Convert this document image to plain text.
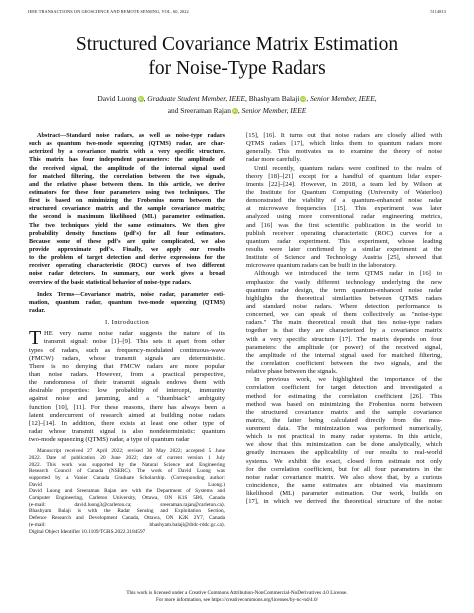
IEEE TRANSACTIONS ON GEOSCIENCE AND REMOTE SENSING, VOL. 60, 2022	5114813
Structured Covariance Matrix Estimation
for Noise-Type Radars
David Luong iD, Graduate Student Member, IEEE, Bhashyam Balaji iD, Senior Member, IEEE,
and Sreeraman Rajan iD, Senior Member, IEEE
Abstract—Standard noise radars, as well as noise-type radars
such as quantum two-mode squeezing (QTMS) radar, are char-
acterized by a covariance matrix with a very specific structure.
This matrix has four independent parameters: the amplitude of
the received signal, the amplitude of the internal signal used
for matched filtering, the correlation between the two signals,
and the relative phase between them. In this article, we derive
estimators for these four parameters using two techniques. The
first is based on minimizing the Frobenius norm between the
structured covariance matrix and the sample covariance matrix;
the second is maximum likelihood (ML) parameter estimation.
The two techniques yield the same estimators. We then give
probability density functions (pdf's) for all four estimators.
Because some of these pdf's are quite complicated, we also
provide approximate pdf's. Finally, we apply our results
to the problem of target detection and derive expressions for the
receiver operating characteristic (ROC) curves of two different
noise radar detectors. In summary, our work gives a broad
overview of the basic statistical behavior of noise-type radars.
Index Terms—Covariance matrix, noise radar, parameter esti-
mation, quantum radar, quantum two-mode squeezing (QTMS)
radar.
I. Introduction
T HE very name noise radar suggests the nature of its
transmit signal: noise [1]–[9]. This sets it apart from other
types of radars, such as frequency-modulated continuous-wave
(FMCW) radars, whose transmit signals are deterministic.
There is no denying that FMCW radars are more popular
than noise radars. However, from a practical perspective,
the randomness of their transmit signals endows them with
desirable properties: low probability of intercept, immunity
against noise and jamming, and a "thumbtack" ambiguity
function [10], [11]. For these reasons, there has always been a
latent undercurrent of research aimed at building noise radars
[12]–[14]. In addition, there exists at least one other type of
radar whose transmit signal is also nondeterministic: quantum
two-mode squeezing (QTMS) radar, a type of quantum radar
Manuscript received 27 April 2022; revised 30 May 2022; accepted 5 June
2022. Date of publication 20 June 2022; date of current version 1 July
2022. This work was supported by the Natural Science and Engineering
Research Council of Canada (NSERC). The work of David Luong was
supported by a Vanier Canada Graduate Scholarship. (Corresponding author:
David Luong.)
David Luong and Sreeraman Rajan are with the Department of Systems and
Computer Engineering, Carleton University, Ottawa, ON K1S 5B6, Canada
(e-mail: david.luong3@carleton.ca; sreeraman.rajan@carleton.ca).
Bhashyam Balaji is with the Radar Sensing and Exploitation Section,
Defence Research and Development Canada, Ottawa, ON K2K 2Y7, Canada
(e-mail: bhashyam.balaji@drdc-rddc.gc.ca).
Digital Object Identifier 10.1109/TGRS.2022.3184597
[15], [16]. It turns out that noise radars are closely allied with
QTMS radars [17], which links them to quantum radars more
generally. This motivates us to examine the theory of noise
radar more carefully.
Until recently, quantum radars were confined to the realm of
theory [18]–[21] except for a handful of quantum lidar exper-
iments [22]–[24]. However, in 2018, a team led by Wilson at
the Institute for Quantum Computing (University of Waterloo)
demonstrated the viability of a quantum-enhanced noise radar
at microwave frequencies [15]. This experiment was later
analyzed using more conventional radar engineering metrics,
and [16] was the first scientific publication in the world to
publish receiver operating characteristic (ROC) curves for a
quantum radar experiment. This experiment, whose leading
results were later confirmed by a similar experiment at the
Institute of Science and Technology Austria [25], showed that
microwave quantum radars can be built in the laboratory.
Although we introduced the term QTMS radar in [16] to
emphasize the vastly different technology underlying the new
quantum radar design, the term quantum-enhanced noise radar
highlights the theoretical similarities between QTMS radars
and standard noise radars. Where detection performance is
concerned, we can speak of them collectively as "noise-type
radars." The main theoretical result that ties noise-type radars
together is that they are characterized by a covariance matrix
with a very specific structure [17]. The matrix depends on four
parameters: the amplitude (or power) of the received signal,
the amplitude of the internal signal used for matched filtering,
the correlation coefficient between the two signals, and the
relative phase between the signals.
In previous work, we highlighted the importance of the
correlation coefficient for target detection and investigated a
method for estimating the correlation coefficient [26]. This
method was based on minimizing the Frobenius norm between
the structured covariance matrix and the sample covariance
matrix, the latter being calculated directly from the mea-
surement data. The minimization was performed numerically,
which is not practical in many radar systems. In this article,
we show that this minimization can be done analytically, which
greatly increases the applicability of our results to real-world
systems. We exhibit the exact, closed form estimate not only
for the correlation coefficient, but for all four parameters in the
noise radar covariance matrix. We also show that, by a curious
coincidence, the same estimates are obtained via maximum
likelihood (ML) parameter estimation. Our work, builds on
[17], in which we derived the theoretical structure of the noise
This work is licensed under a Creative Commons Attribution-NonCommercial-NoDerivatives 4.0 License.
For more information, see https://creativecommons.org/licenses/by-nc-nd/4.0/
